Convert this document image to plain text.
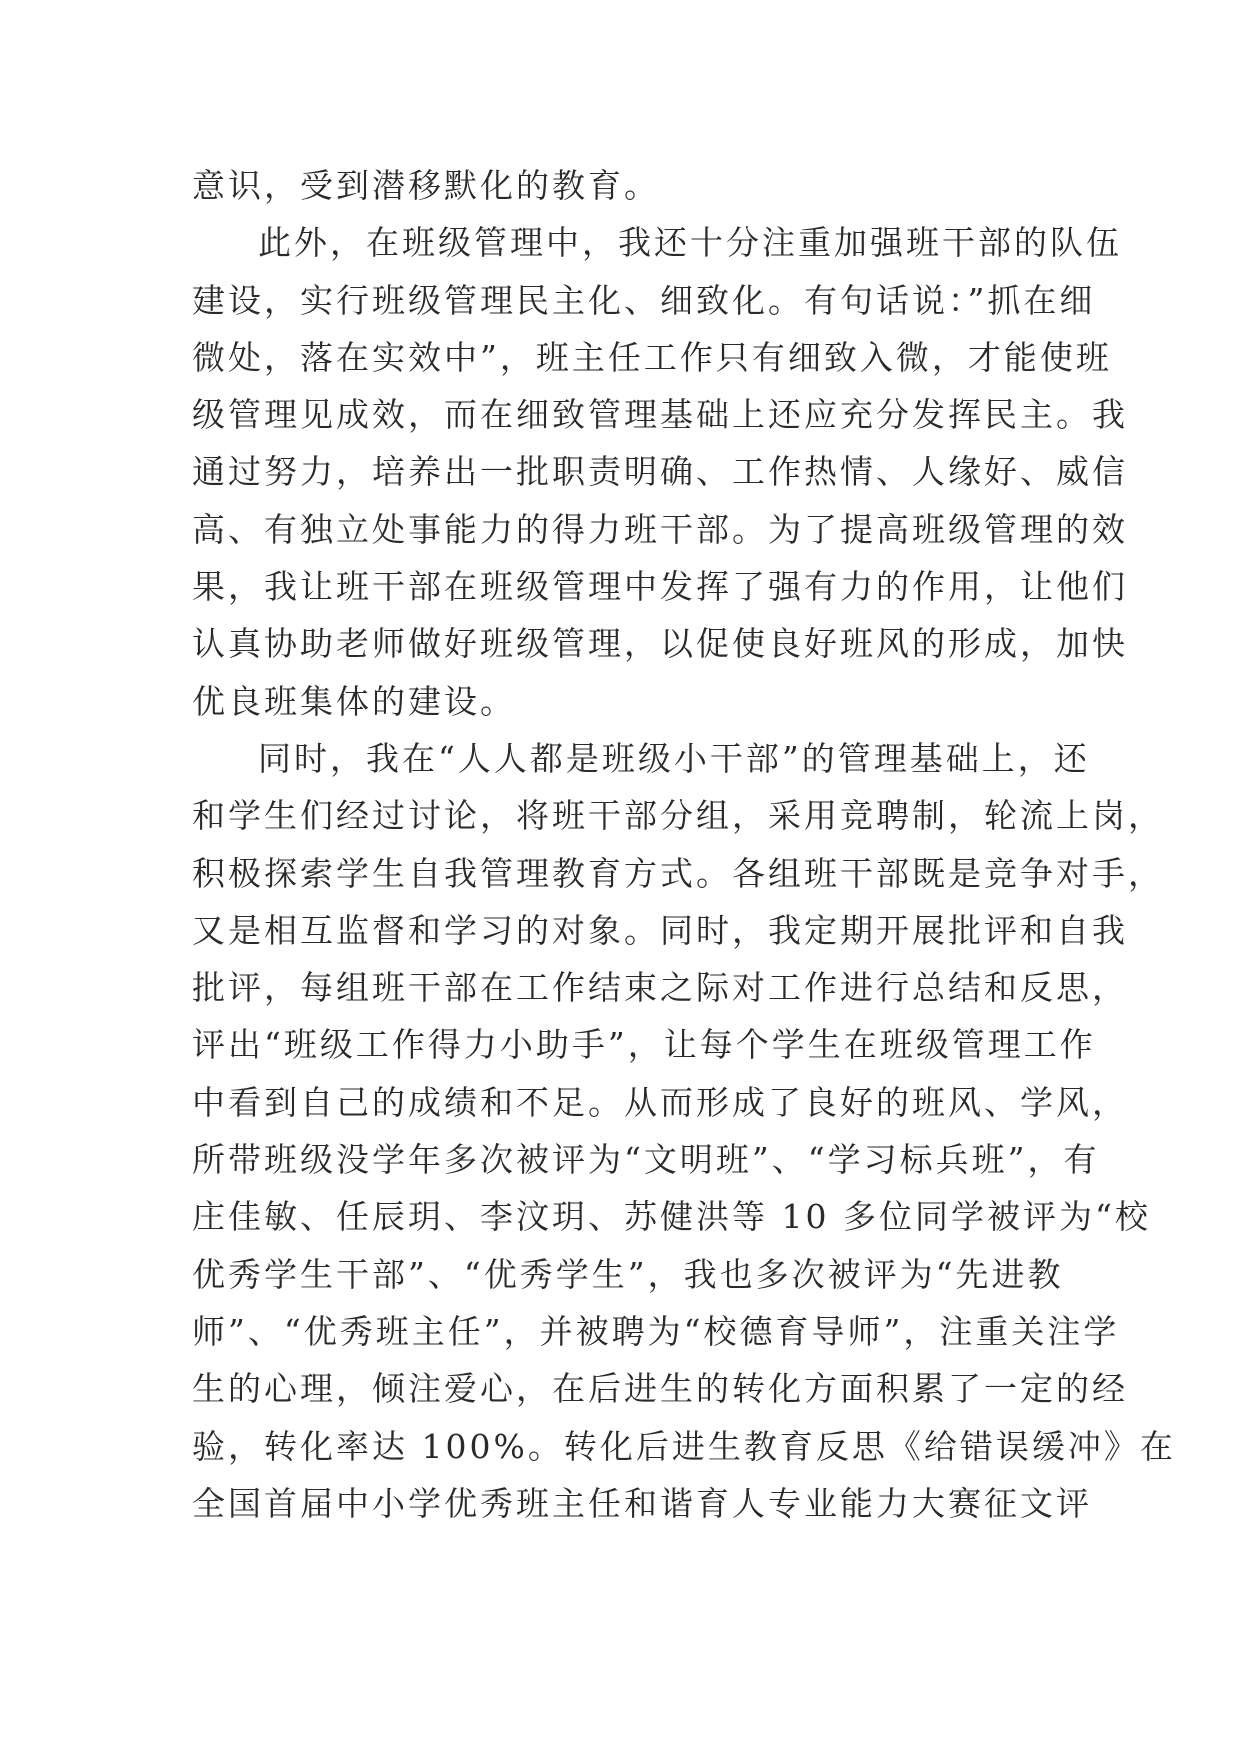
意识，受到潜移默化的教育。
此外，在班级管理中，我还十分注重加强班干部的队伍
建设，实行班级管理民主化、细致化。有句话说：”抓在细
微处，落在实效中”，班主任工作只有细致入微，才能使班
级管理见成效，而在细致管理基础上还应充分发挥民主。我
通过努力，培养出一批职责明确、工作热情、人缘好、威信
高、有独立处事能力的得力班干部。为了提高班级管理的效
果，我让班干部在班级管理中发挥了强有力的作用，让他们
认真协助老师做好班级管理，以促使良好班风的形成，加快
优良班集体的建设。
同时，我在“人人都是班级小干部”的管理基础上，还
和学生们经过讨论，将班干部分组，采用竞聘制，轮流上岗，
积极探索学生自我管理教育方式。各组班干部既是竞争对手，
又是相互监督和学习的对象。同时，我定期开展批评和自我
批评，每组班干部在工作结束之际对工作进行总结和反思，
评出“班级工作得力小助手”，让每个学生在班级管理工作
中看到自己的成绩和不足。从而形成了良好的班风、学风，
所带班级没学年多次被评为“文明班”、“学习标兵班”，有
庄佳敏、任辰玥、李汶玥、苏健洪等 10 多位同学被评为“校
优秀学生干部”、“优秀学生”，我也多次被评为“先进教
师”、“优秀班主任”，并被聘为“校德育导师”，注重关注学
生的心理，倾注爱心，在后进生的转化方面积累了一定的经
验，转化率达 100%。转化后进生教育反思《给错误缓冲》在
全国首届中小学优秀班主任和谐育人专业能力大赛征文评
